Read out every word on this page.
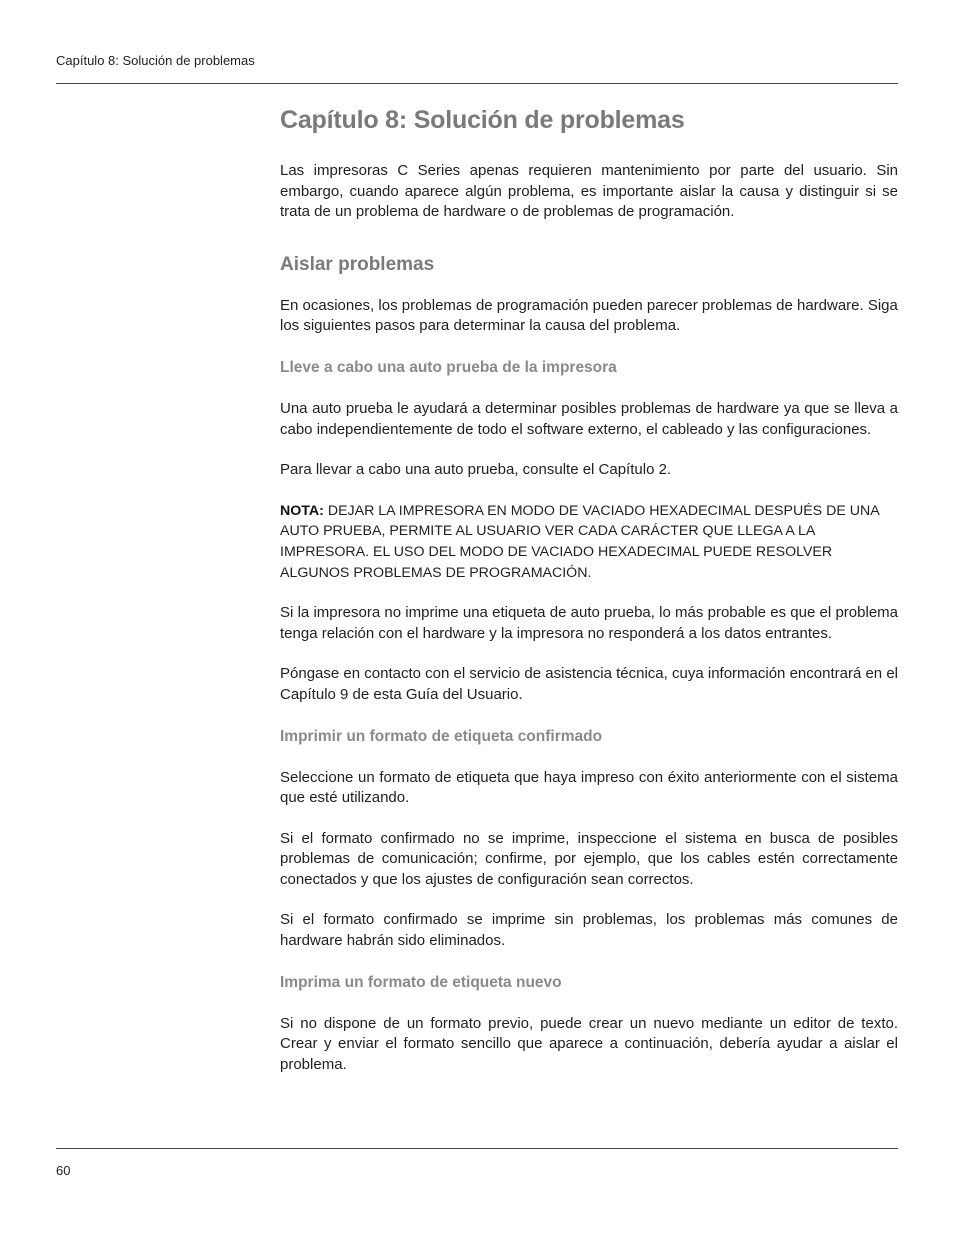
Capítulo 8: Solución de problemas
Capítulo 8: Solución de problemas

Las impresoras C Series apenas requieren mantenimiento por parte del usuario. Sin embargo, cuando aparece algún problema, es importante aislar la causa y distinguir si se trata de un problema de hardware o de problemas de programación.

Aislar problemas

En ocasiones, los problemas de programación pueden parecer problemas de hardware. Siga los siguientes pasos para determinar la causa del problema.

Lleve a cabo una auto prueba de la impresora

Una auto prueba le ayudará a determinar posibles problemas de hardware ya que se lleva a cabo independientemente de todo el software externo, el cableado y las configuraciones.

Para llevar a cabo una auto prueba, consulte el Capítulo 2.

NOTA: DEJAR LA IMPRESORA EN MODO DE VACIADO HEXADECIMAL DESPUÉS DE UNA AUTO PRUEBA, PERMITE AL USUARIO VER CADA CARÁCTER QUE LLEGA A LA IMPRESORA. EL USO DEL MODO DE VACIADO HEXADECIMAL PUEDE RESOLVER ALGUNOS PROBLEMAS DE PROGRAMACIÓN.

Si la impresora no imprime una etiqueta de auto prueba, lo más probable es que el problema tenga relación con el hardware y la impresora no responderá a los datos entrantes.

Póngase en contacto con el servicio de asistencia técnica, cuya información encontrará en el Capítulo 9 de esta Guía del Usuario.

Imprimir un formato de etiqueta confirmado

Seleccione un formato de etiqueta que haya impreso con éxito anteriormente con el sistema que esté utilizando.

Si el formato confirmado no se imprime, inspeccione el sistema en busca de posibles problemas de comunicación; confirme, por ejemplo, que los cables estén correctamente conectados y que los ajustes de configuración sean correctos.

Si el formato confirmado se imprime sin problemas, los problemas más comunes de hardware habrán sido eliminados.

Imprima un formato de etiqueta nuevo

Si no dispone de un formato previo, puede crear un nuevo mediante un editor de texto. Crear y enviar el formato sencillo que aparece a continuación, debería ayudar a aislar el problema.

60
